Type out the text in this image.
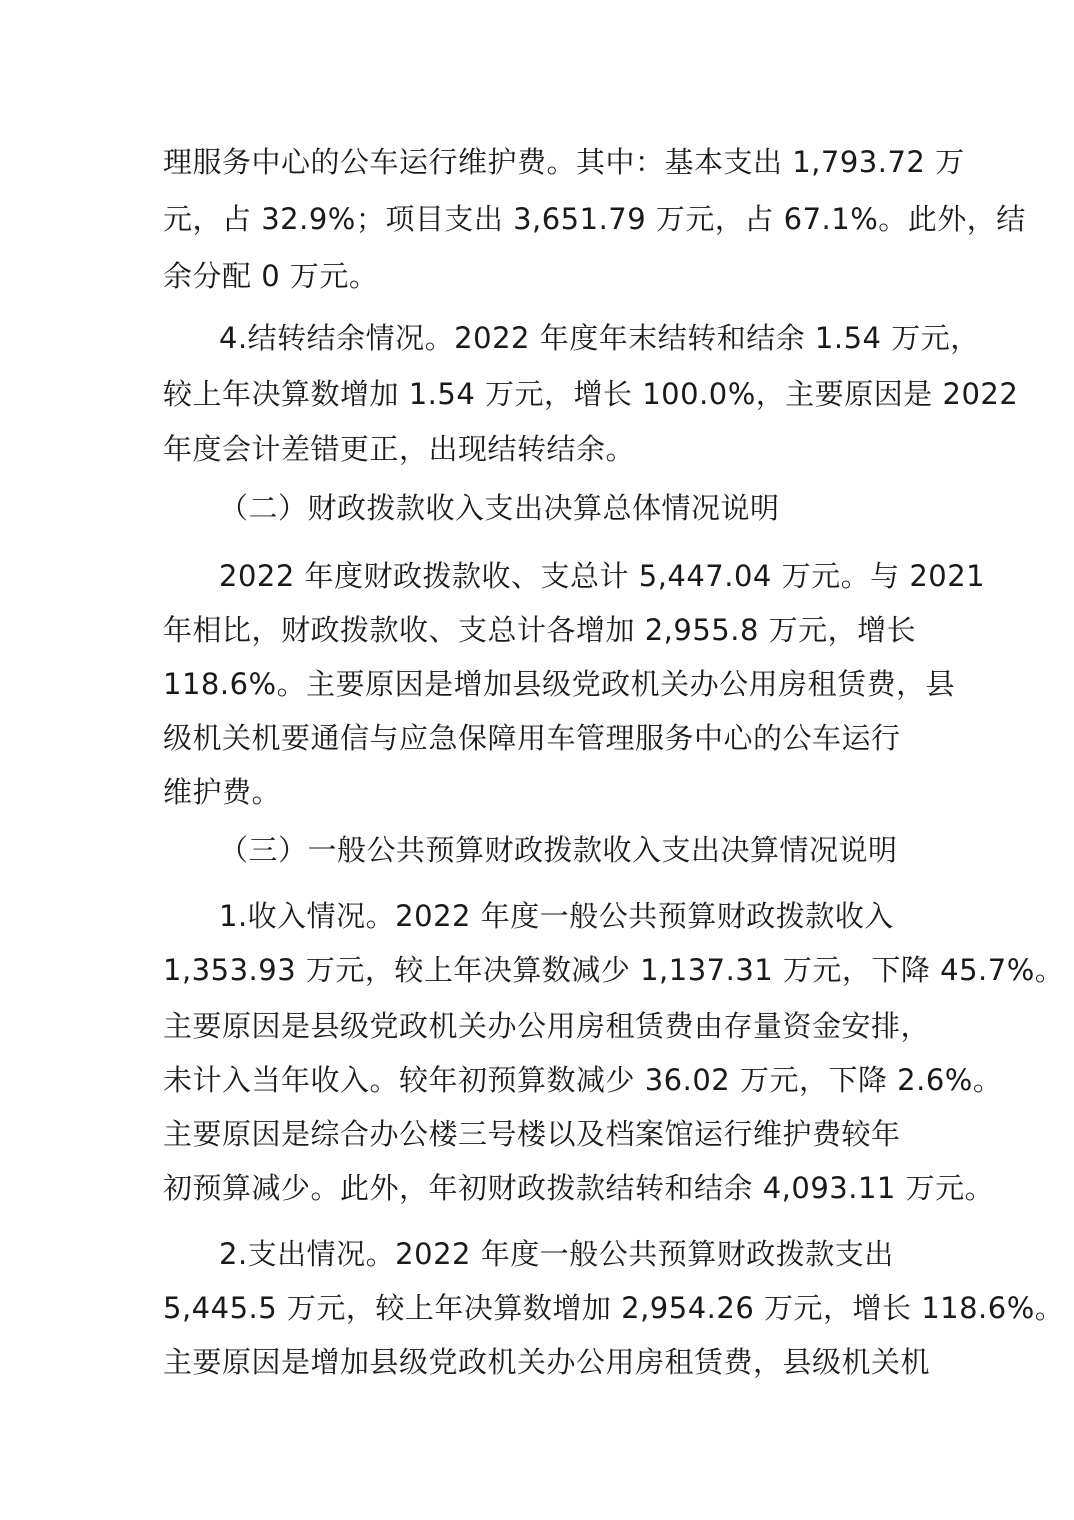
理服务中心的公车运行维护费。其中：基本支出 1,793.72 万
元，占 32.9%；项目支出 3,651.79 万元，占 67.1%。此外，结
余分配 0 万元。
4.结转结余情况。2022 年度年末结转和结余 1.54 万元，
较上年决算数增加 1.54 万元，增长 100.0%，主要原因是 2022
年度会计差错更正，出现结转结余。
（二）财政拨款收入支出决算总体情况说明
2022 年度财政拨款收、支总计 5,447.04 万元。与 2021
年相比，财政拨款收、支总计各增加 2,955.8 万元，增长
118.6%。主要原因是增加县级党政机关办公用房租赁费，县
级机关机要通信与应急保障用车管理服务中心的公车运行
维护费。
（三）一般公共预算财政拨款收入支出决算情况说明
1.收入情况。2022 年度一般公共预算财政拨款收入
1,353.93 万元，较上年决算数减少 1,137.31 万元，下降 45.7%。
主要原因是县级党政机关办公用房租赁费由存量资金安排，
未计入当年收入。较年初预算数减少 36.02 万元，下降 2.6%。
主要原因是综合办公楼三号楼以及档案馆运行维护费较年
初预算减少。此外，年初财政拨款结转和结余 4,093.11 万元。
2.支出情况。2022 年度一般公共预算财政拨款支出
5,445.5 万元，较上年决算数增加 2,954.26 万元，增长 118.6%。
主要原因是增加县级党政机关办公用房租赁费，县级机关机
